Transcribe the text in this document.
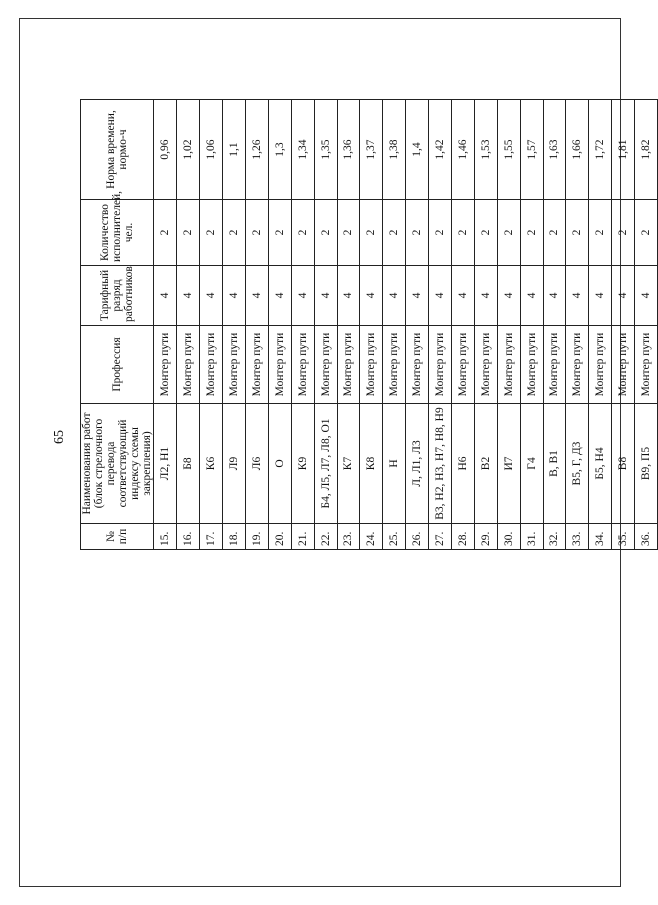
65
№ п/п	Наименования работ (блок стрелочного перевода соответствующий индексу схемы закрепления)	Профессия	Тарифный разряд работников	Количество исполнителей, чел.	Норма времени, нормо-ч
15.	Л2, Н1	Монтер пути	4	2	0,96
16.	Б8	Монтер пути	4	2	1,02
17.	К6	Монтер пути	4	2	1,06
18.	Л9	Монтер пути	4	2	1,1
19.	Л6	Монтер пути	4	2	1,26
20.	О	Монтер пути	4	2	1,3
21.	К9	Монтер пути	4	2	1,34
22.	Б4, Л5, Л7, Л8, О1	Монтер пути	4	2	1,35
23.	К7	Монтер пути	4	2	1,36
24.	К8	Монтер пути	4	2	1,37
25.	Н	Монтер пути	4	2	1,38
26.	Л, Л1, Л3	Монтер пути	4	2	1,4
27.	В3, Н2, Н3, Н7, Н8, Н9	Монтер пути	4	2	1,42
28.	Н6	Монтер пути	4	2	1,46
29.	В2	Монтер пути	4	2	1,53
30.	И7	Монтер пути	4	2	1,55
31.	Г4	Монтер пути	4	2	1,57
32.	В, В1	Монтер пути	4	2	1,63
33.	В5, Г, Д3	Монтер пути	4	2	1,66
34.	Б5, Н4	Монтер пути	4	2	1,72
35.	В8	Монтер пути	4	2	1,81
36.	В9, П5	Монтер пути	4	2	1,82
